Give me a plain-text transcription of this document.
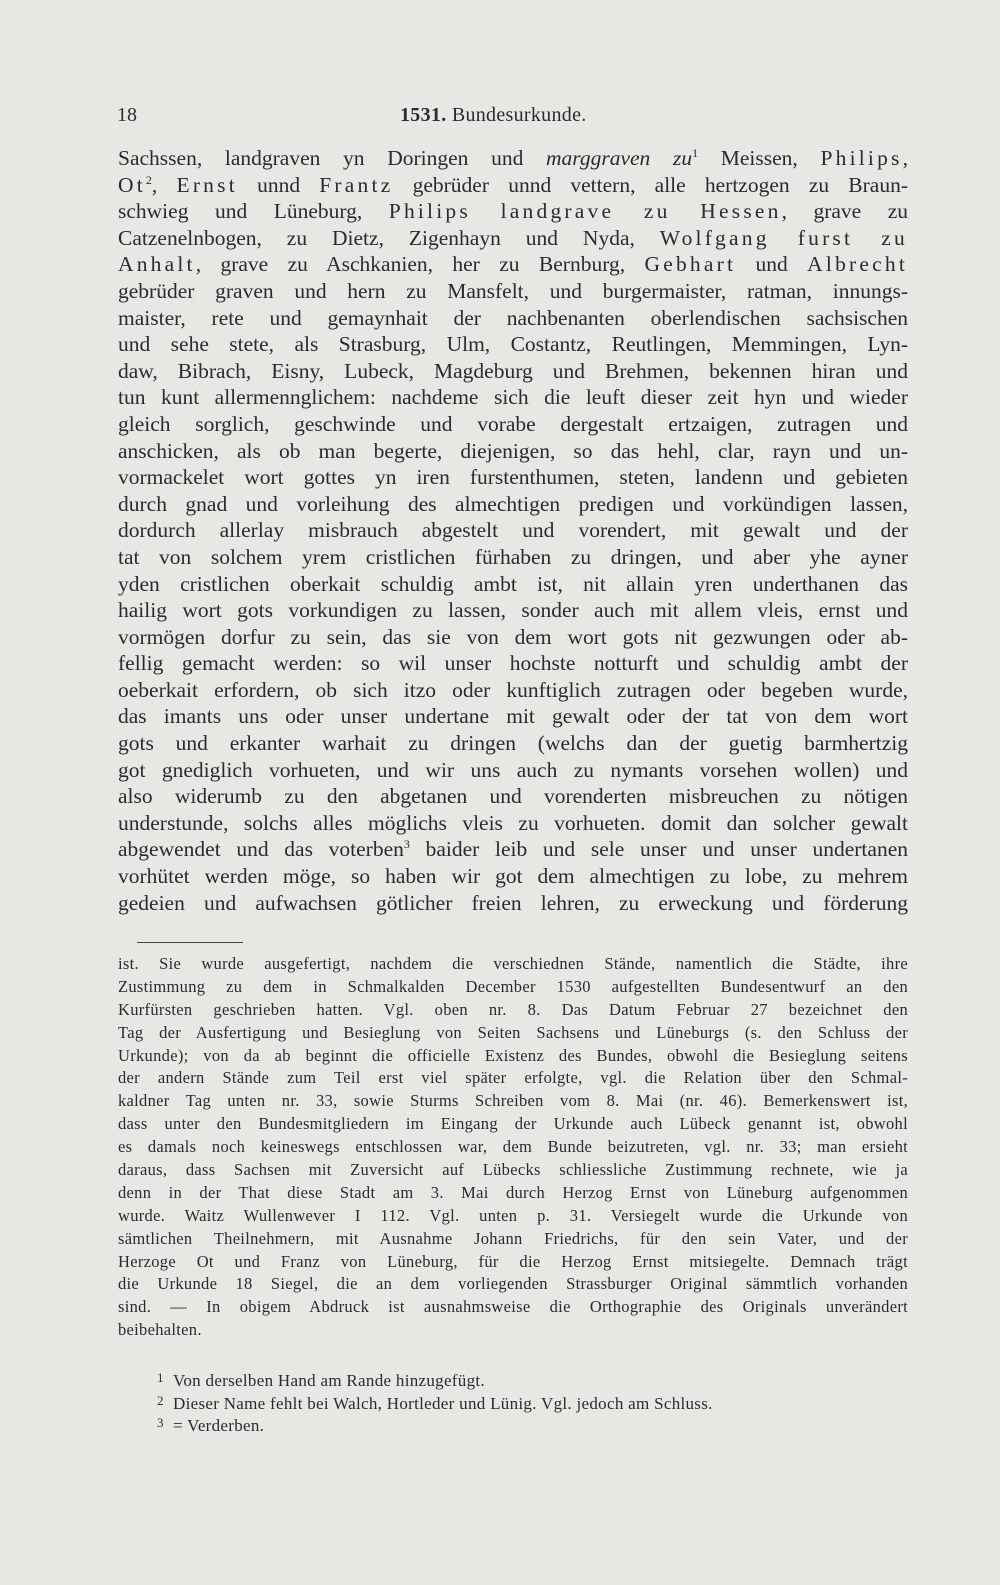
18	1531. Bundesurkunde.
Sachssen, landgraven yn Doringen und marggraven $zu^1$ Meissen, Philips,
Ot$^2$, Ernst unnd Frantz gebrüder unnd vettern, alle hertzogen zu Braun-
schwieg und Lüneburg, Philips landgrave zu Hessen, grave zu
Catzenelnbogen, zu Dietz, Zigenhayn und Nyda, Wolfgang furst zu
Anhalt, grave zu Aschkanien, her zu Bernburg, Gebhart und Albrecht
gebrüder graven und hern zu Mansfelt, und burgermaister, ratman, innungs-
maister, rete und gemaynhait der nachbenanten oberlendischen sachsischen
und sehe stete, als Strasburg, Ulm, Costantz, Reutlingen, Memmingen, Lyn-
daw, Bibrach, Eisny, Lubeck, Magdeburg und Brehmen, bekennen hiran und
tun kunt allermennglichem: nachdeme sich die leuft dieser zeit hyn und wieder
gleich sorglich, geschwinde und vorabe dergestalt ertzaigen, zutragen und
anschicken, als ob man begerte, diejenigen, so das hehl, clar, rayn und un-
vormackelet wort gottes yn iren furstenthumen, steten, landenn und gebieten
durch gnad und vorleihung des almechtigen predigen und vorkündigen lassen,
dordurch allerlay misbrauch abgestelt und vorendert, mit gewalt und der
tat von solchem yrem cristlichen fürhaben zu dringen, und aber yhe ayner
yden cristlichen oberkait schuldig ambt ist, nit allain yren underthanen das
hailig wort gots vorkundigen zu lassen, sonder auch mit allem vleis, ernst und
vormögen dorfur zu sein, das sie von dem wort gots nit gezwungen oder ab-
fellig gemacht werden: so wil unser hochste notturft und schuldig ambt der
oeberkait erfordern, ob sich itzo oder kunftiglich zutragen oder begeben wurde,
das imants uns oder unser undertane mit gewalt oder der tat von dem wort
gots und erkanter warhait zu dringen (welchs dan der guetig barmhertzig
got gnediglich vorhueten, und wir uns auch zu nymants vorsehen wollen) und
also widerumb zu den abgetanen und vorenderten misbreuchen zu nötigen
understunde, solchs alles möglichs vleis zu vorhueten. domit dan solcher gewalt
abgewendet und das voterben$^3$ baider leib und sele unser und unser undertanen
vorhütet werden möge, so haben wir got dem almechtigen zu lobe, zu mehrem
gedeien und aufwachsen götlicher freien lehren, zu erweckung und förderung
ist. Sie wurde ausgefertigt, nachdem die verschiednen Stände, namentlich die Städte, ihre
Zustimmung zu dem in Schmalkalden December 1530 aufgestellten Bundesentwurf an den
Kurfürsten geschrieben hatten. Vgl. oben nr. 8. Das Datum Februar 27 bezeichnet den
Tag der Ausfertigung und Besieglung von Seiten Sachsens und Lüneburgs (s. den Schluss der
Urkunde); von da ab beginnt die officielle Existenz des Bundes, obwohl die Besieglung seitens
der andern Stände zum Teil erst viel später erfolgte, vgl. die Relation über den Schmal-
kaldner Tag unten nr. 33, sowie Sturms Schreiben vom 8. Mai (nr. 46). Bemerkenswert ist,
dass unter den Bundesmitgliedern im Eingang der Urkunde auch Lübeck genannt ist, obwohl
es damals noch keineswegs entschlossen war, dem Bunde beizutreten, vgl. nr. 33; man ersieht
daraus, dass Sachsen mit Zuversicht auf Lübecks schliessliche Zustimmung rechnete, wie ja
denn in der That diese Stadt am 3. Mai durch Herzog Ernst von Lüneburg aufgenommen
wurde. Waitz Wullenwever I 112. Vgl. unten p. 31. Versiegelt wurde die Urkunde von
sämtlichen Theilnehmern, mit Ausnahme Johann Friedrichs, für den sein Vater, und der
Herzoge Ot und Franz von Lüneburg, für die Herzog Ernst mitsiegelte. Demnach trägt
die Urkunde 18 Siegel, die an dem vorliegenden Strassburger Original sämmtlich vorhanden
sind. — In obigem Abdruck ist ausnahmsweise die Orthographie des Originals unverändert
beibehalten.
1 Von derselben Hand am Rande hinzugefügt.
2 Dieser Name fehlt bei Walch, Hortleder und Lünig. Vgl. jedoch am Schluss.
3 = Verderben.
